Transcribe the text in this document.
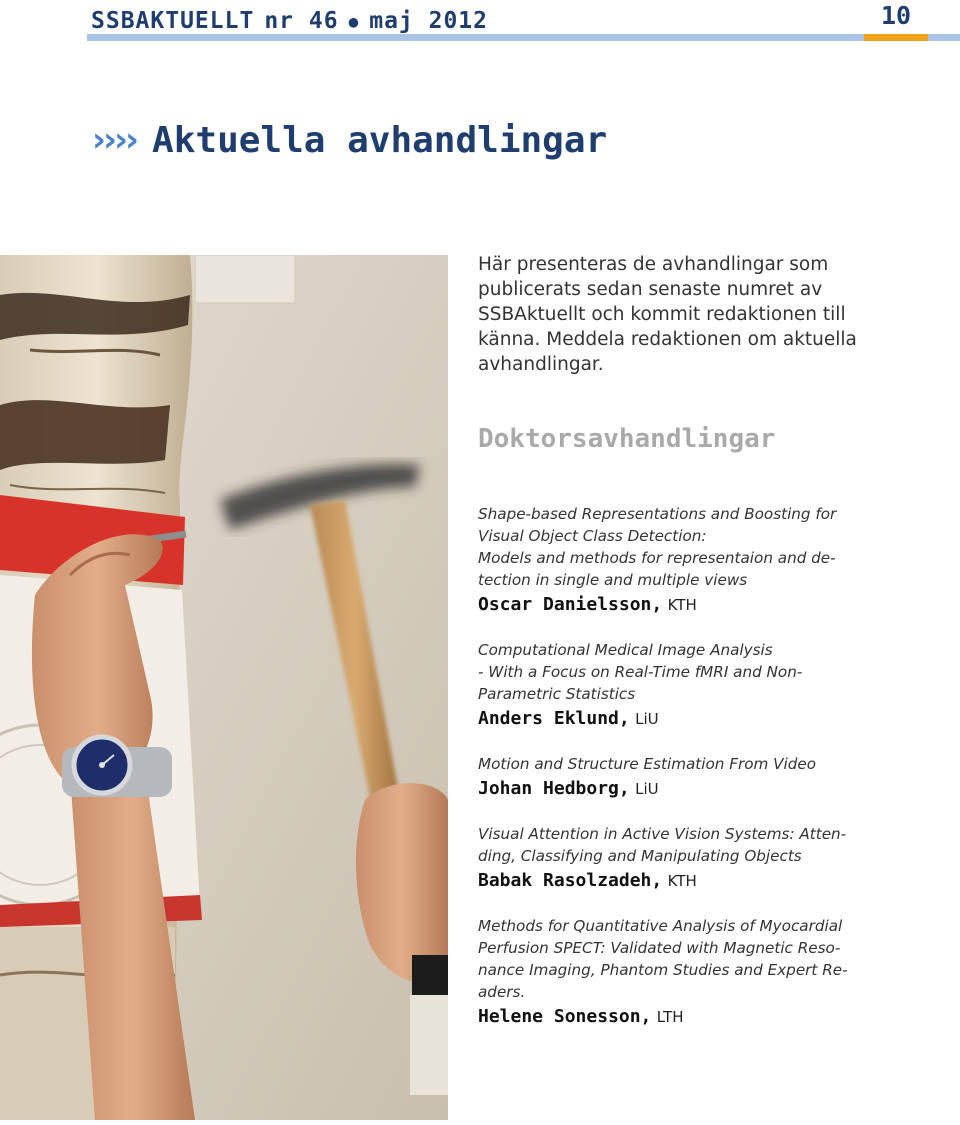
SSBAKTUELLT nr 46 ● maj 2012	10
›››› Aktuella avhandlingar
Här presenteras de avhandlingar som
publicerats sedan senaste numret av
SSBAktuellt och kommit redaktionen till
känna. Meddela redaktionen om aktuella
avhandlingar.
Doktorsavhandlingar
Shape-based Representations and Boosting for
Visual Object Class Detection:
Models and methods for representaion and de-
tection in single and multiple views
Oscar Danielsson, KTH
Computational Medical Image Analysis
- With a Focus on Real-Time fMRI and Non-
Parametric Statistics
Anders Eklund, LiU
Motion and Structure Estimation From Video
Johan Hedborg, LiU
Visual Attention in Active Vision Systems: Atten-
ding, Classifying and Manipulating Objects
Babak Rasolzadeh, KTH
Methods for Quantitative Analysis of Myocardial
Perfusion SPECT: Validated with Magnetic Reso-
nance Imaging, Phantom Studies and Expert Re-
aders.
Helene Sonesson, LTH
